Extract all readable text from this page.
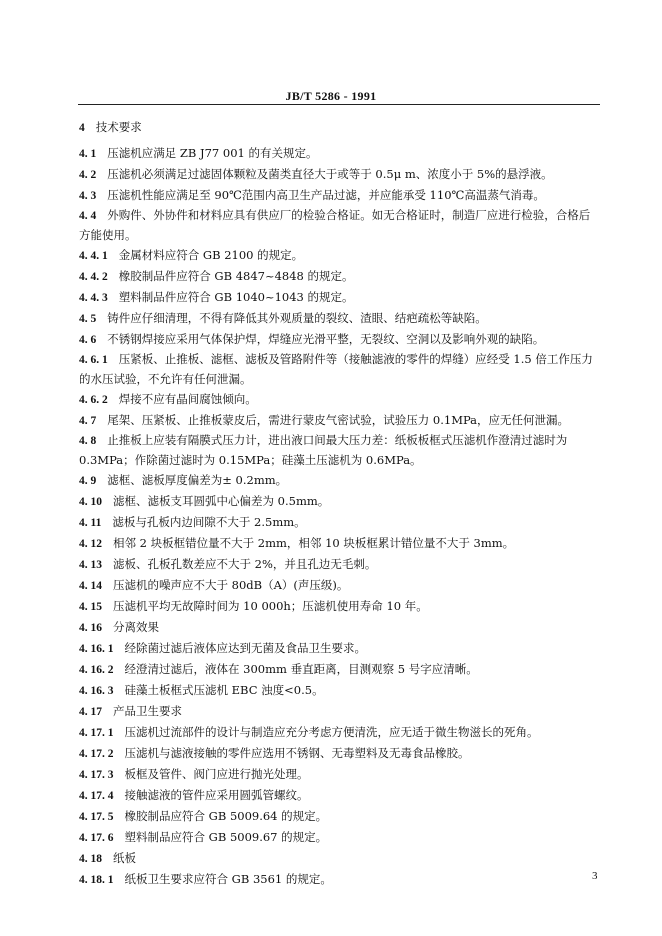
JB/T 5286 - 1991

4 技术要求

4. 1 压滤机应满足 ZB J77 001 的有关规定。

4. 2 压滤机必须满足过滤固体颗粒及菌类直径大于或等于 0.5μ m、浓度小于 5%的悬浮液。

4. 3 压滤机性能应满足至 90℃范围内高卫生产品过滤，并应能承受 110℃高温蒸气消毒。

4. 4 外购件、外协件和材料应具有供应厂的检验合格证。如无合格证时，制造厂应进行检验，合格后方能使用。

4. 4. 1 金属材料应符合 GB 2100 的规定。

4. 4. 2 橡胶制品件应符合 GB 4847~4848 的规定。

4. 4. 3 塑料制品件应符合 GB 1040~1043 的规定。

4. 5 铸件应仔细清理，不得有降低其外观质量的裂纹、渣眼、结疤疏松等缺陷。

4. 6 不锈钢焊接应采用气体保护焊，焊缝应光滑平整，无裂纹、空洞以及影响外观的缺陷。

4. 6. 1 压紧板、止推板、滤框、滤板及管路附件等（接触滤液的零件的焊缝）应经受 1.5 倍工作压力的水压试验，不允许有任何泄漏。

4. 6. 2 焊接不应有晶间腐蚀倾向。

4. 7 尾架、压紧板、止推板蒙皮后，需进行蒙皮气密试验，试验压力 0.1MPa，应无任何泄漏。

4. 8 止推板上应装有隔膜式压力计，进出液口间最大压力差：纸板板框式压滤机作澄清过滤时为 0.3MPa；作除菌过滤时为 0.15MPa；硅藻土压滤机为 0.6MPa。

4. 9 滤框、滤板厚度偏差为± 0.2mm。

4. 10 滤框、滤板支耳圆弧中心偏差为 0.5mm。

4. 11 滤板与孔板内边间隙不大于 2.5mm。

4. 12 相邻 2 块板框错位量不大于 2mm，相邻 10 块板框累计错位量不大于 3mm。

4. 13 滤板、孔板孔数差应不大于 2%，并且孔边无毛刺。

4. 14 压滤机的噪声应不大于 80dB（A）(声压级)。

4. 15 压滤机平均无故障时间为 10 000h；压滤机使用寿命 10 年。

4. 16 分离效果

4. 16. 1 经除菌过滤后液体应达到无菌及食品卫生要求。

4. 16. 2 经澄清过滤后，液体在 300mm 垂直距离，目测观察 5 号字应清晰。

4. 16. 3 硅藻土板框式压滤机 EBC 浊度<0.5。

4. 17 产品卫生要求

4. 17. 1 压滤机过流部件的设计与制造应充分考虑方便清洗，应无适于微生物滋长的死角。

4. 17. 2 压滤机与滤液接触的零件应选用不锈钢、无毒塑料及无毒食品橡胶。

4. 17. 3 板框及管件、阀门应进行抛光处理。

4. 17. 4 接触滤液的管件应采用圆弧管螺纹。

4. 17. 5 橡胶制品应符合 GB 5009.64 的规定。

4. 17. 6 塑料制品应符合 GB 5009.67 的规定。

4. 18 纸板

4. 18. 1 纸板卫生要求应符合 GB 3561 的规定。	3
